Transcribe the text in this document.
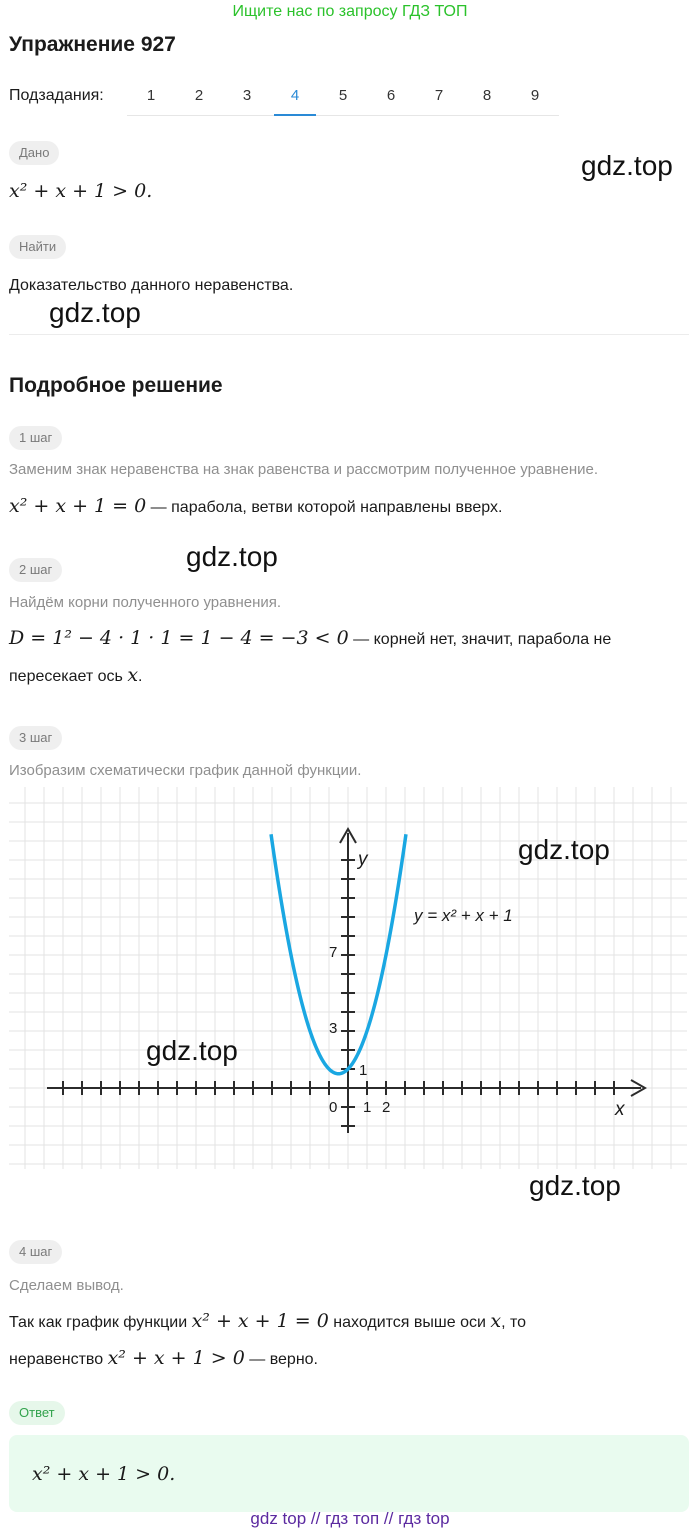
Ищите нас по запросу ГДЗ ТОП
Упражнение 927
Подзадания:	1	2	3	4	5	6	7	8	9
Дано
x² + x + 1 > 0.
gdz.top
Найти
Доказательство данного неравенства.
gdz.top
Подробное решение
1 шаг
Заменим знак неравенства на знак равенства и рассмотрим полученное уравнение.
x² + x + 1 = 0 — парабола, ветви которой направлены вверх.
gdz.top
2 шаг
Найдём корни полученного уравнения.
D = 1² − 4 · 1 · 1 = 1 − 4 = −3 < 0 — корней нет, значит, парабола не
пересекает ось x.
3 шаг
Изобразим схематически график данной функции.
y = x² + x + 1
y
x
0 1 2
1
3
7
gdz.top
gdz.top
gdz.top
4 шаг
Сделаем вывод.
Так как график функции x² + x + 1 = 0 находится выше оси x, то
неравенство x² + x + 1 > 0 — верно.
Ответ
x² + x + 1 > 0.
gdz top // гдз топ // гдз top
